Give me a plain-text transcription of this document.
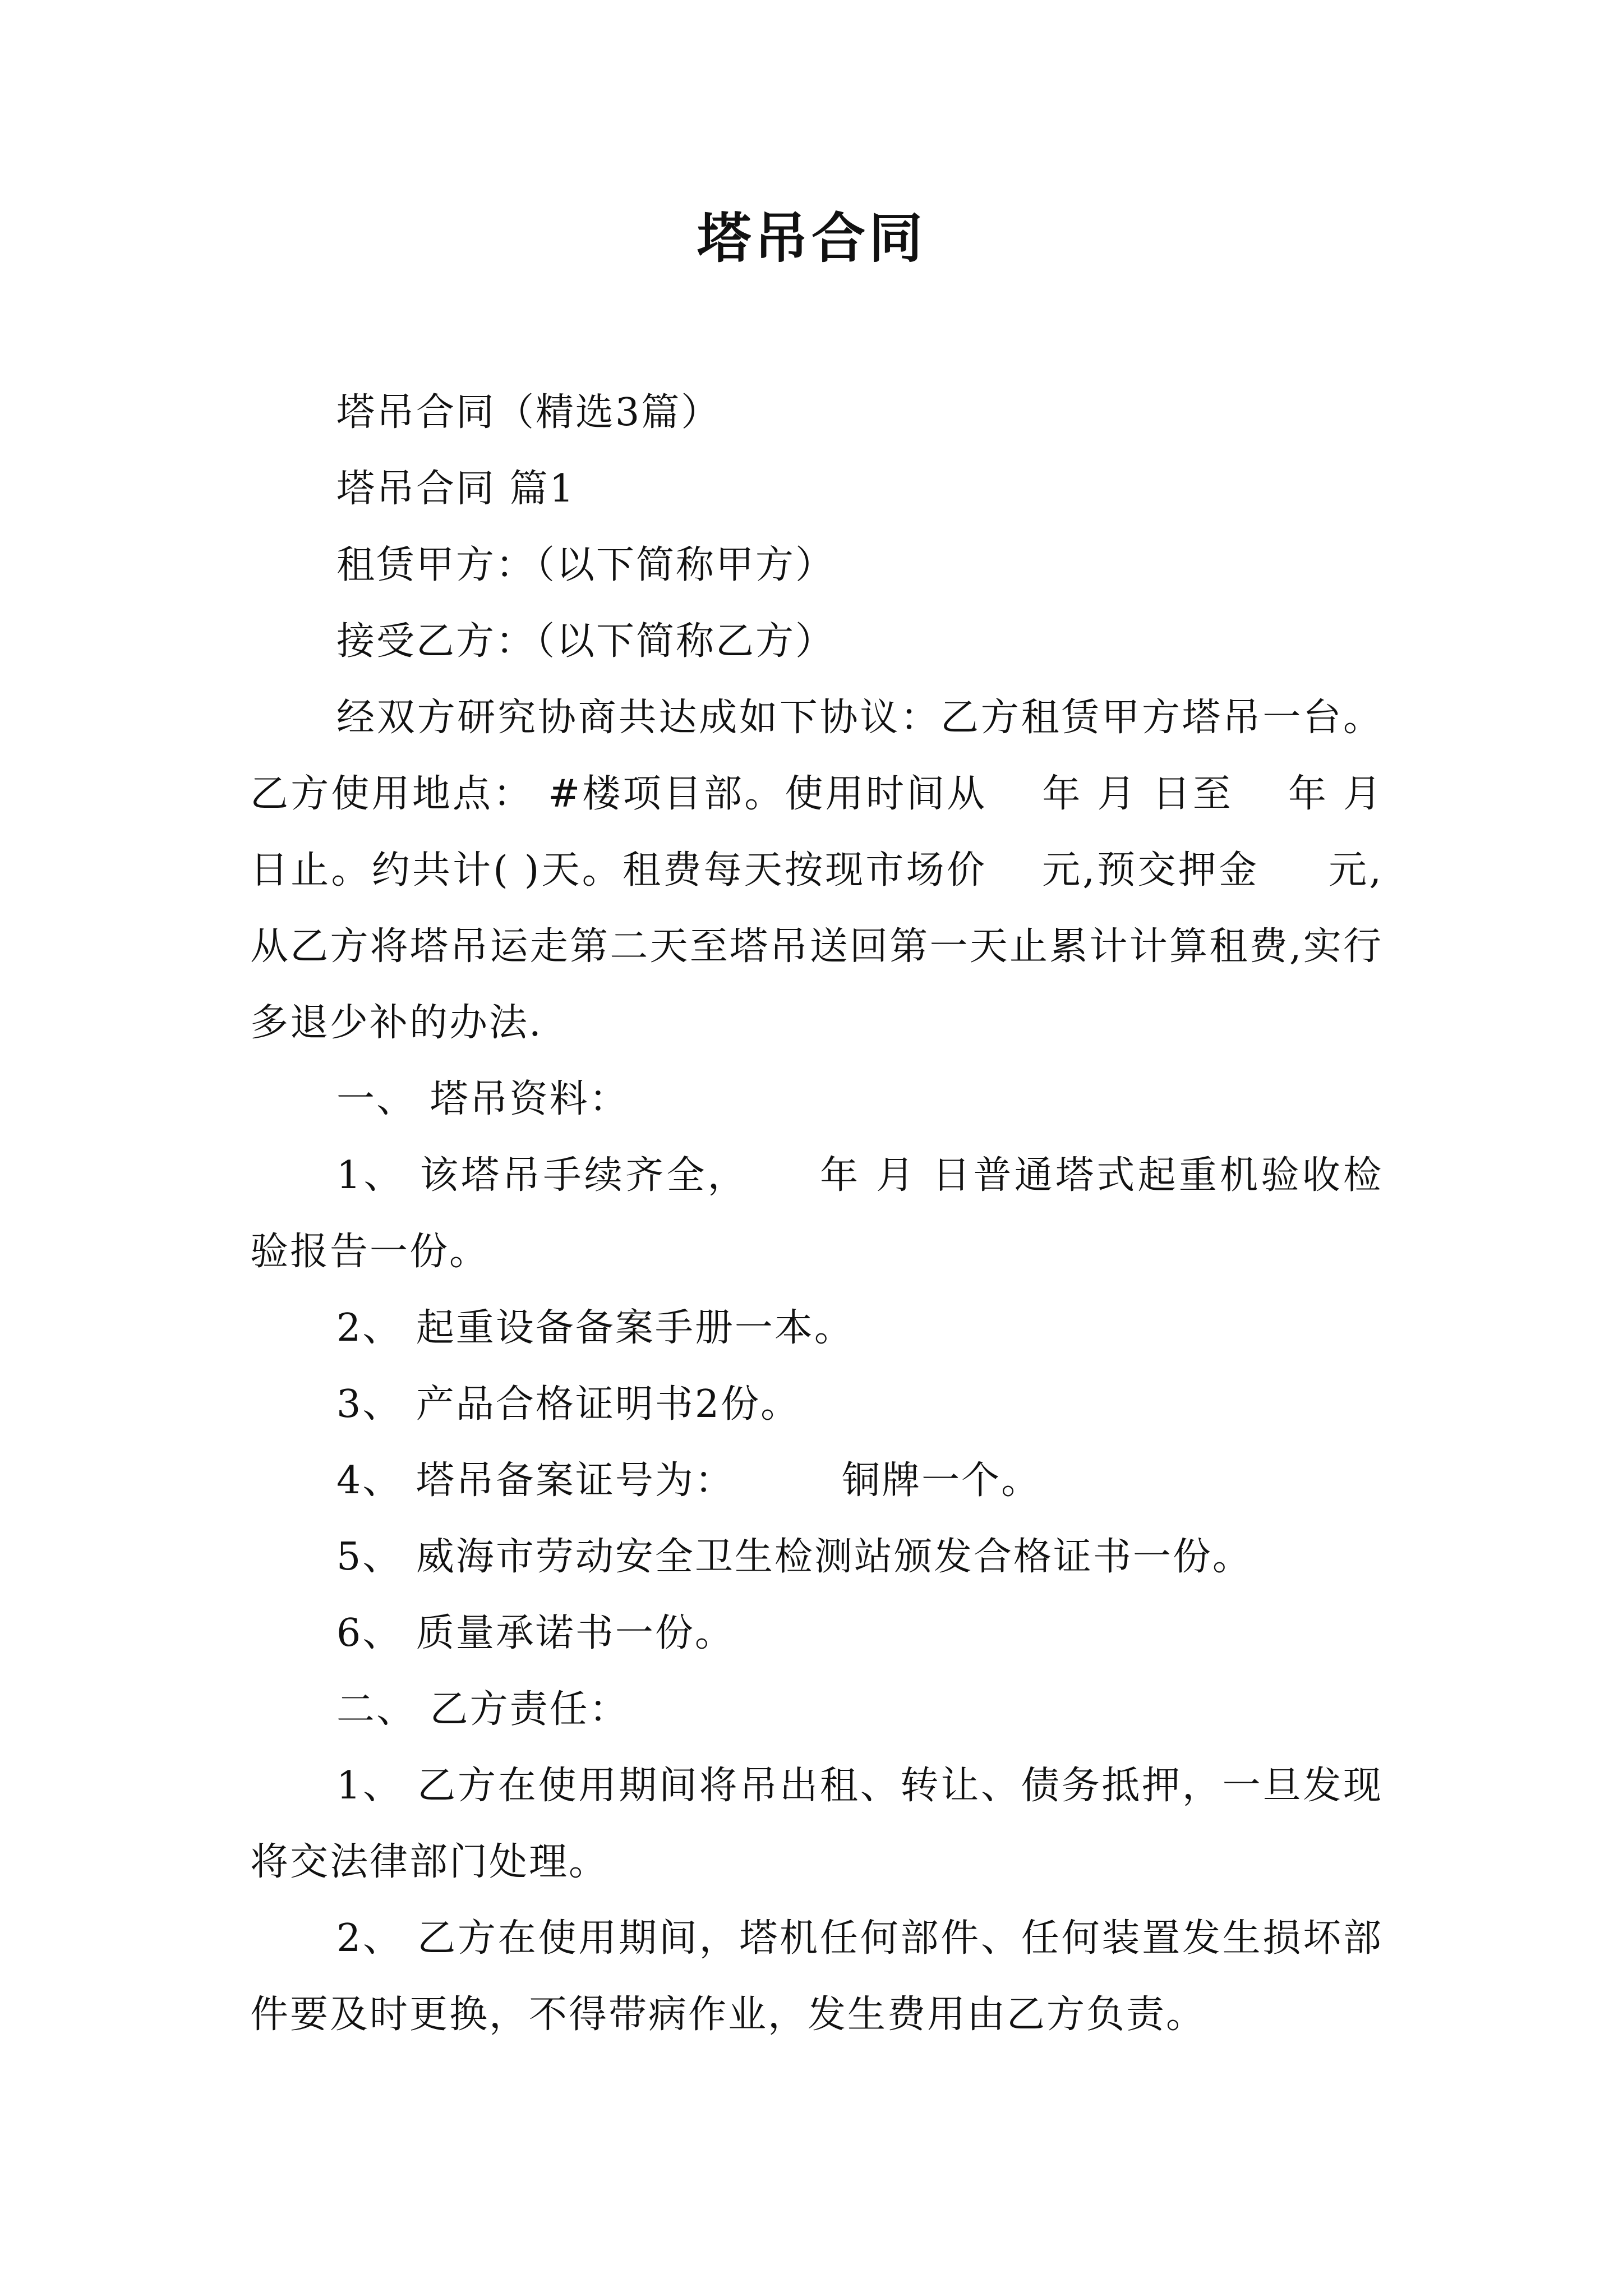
塔吊合同

塔吊合同（精选3篇）

塔吊合同 篇1

租赁甲方：（以下简称甲方）

接受乙方：（以下简称乙方）

经双方研究协商共达成如下协议：乙方租赁甲方塔吊一台。乙方使用地点： #楼项目部。使用时间从 　年 月 日至 　年 月 日止。约共计( )天。租费每天按现市场价 　元,预交押金 　 元,从乙方将塔吊运走第二天至塔吊送回第一天止累计计算租费,实行多退少补的办法.

一、 塔吊资料：

1、 该塔吊手续齐全， 　 年 月 日普通塔式起重机验收检验报告一份。

2、 起重设备备案手册一本。

3、 产品合格证明书2份。

4、 塔吊备案证号为： 　 　铜牌一个。

5、 威海市劳动安全卫生检测站颁发合格证书一份。

6、 质量承诺书一份。

二、 乙方责任：

1、 乙方在使用期间将吊出租、转让、债务抵押，一旦发现将交法律部门处理。

2、 乙方在使用期间，塔机任何部件、任何装置发生损坏部件要及时更换，不得带病作业，发生费用由乙方负责。
